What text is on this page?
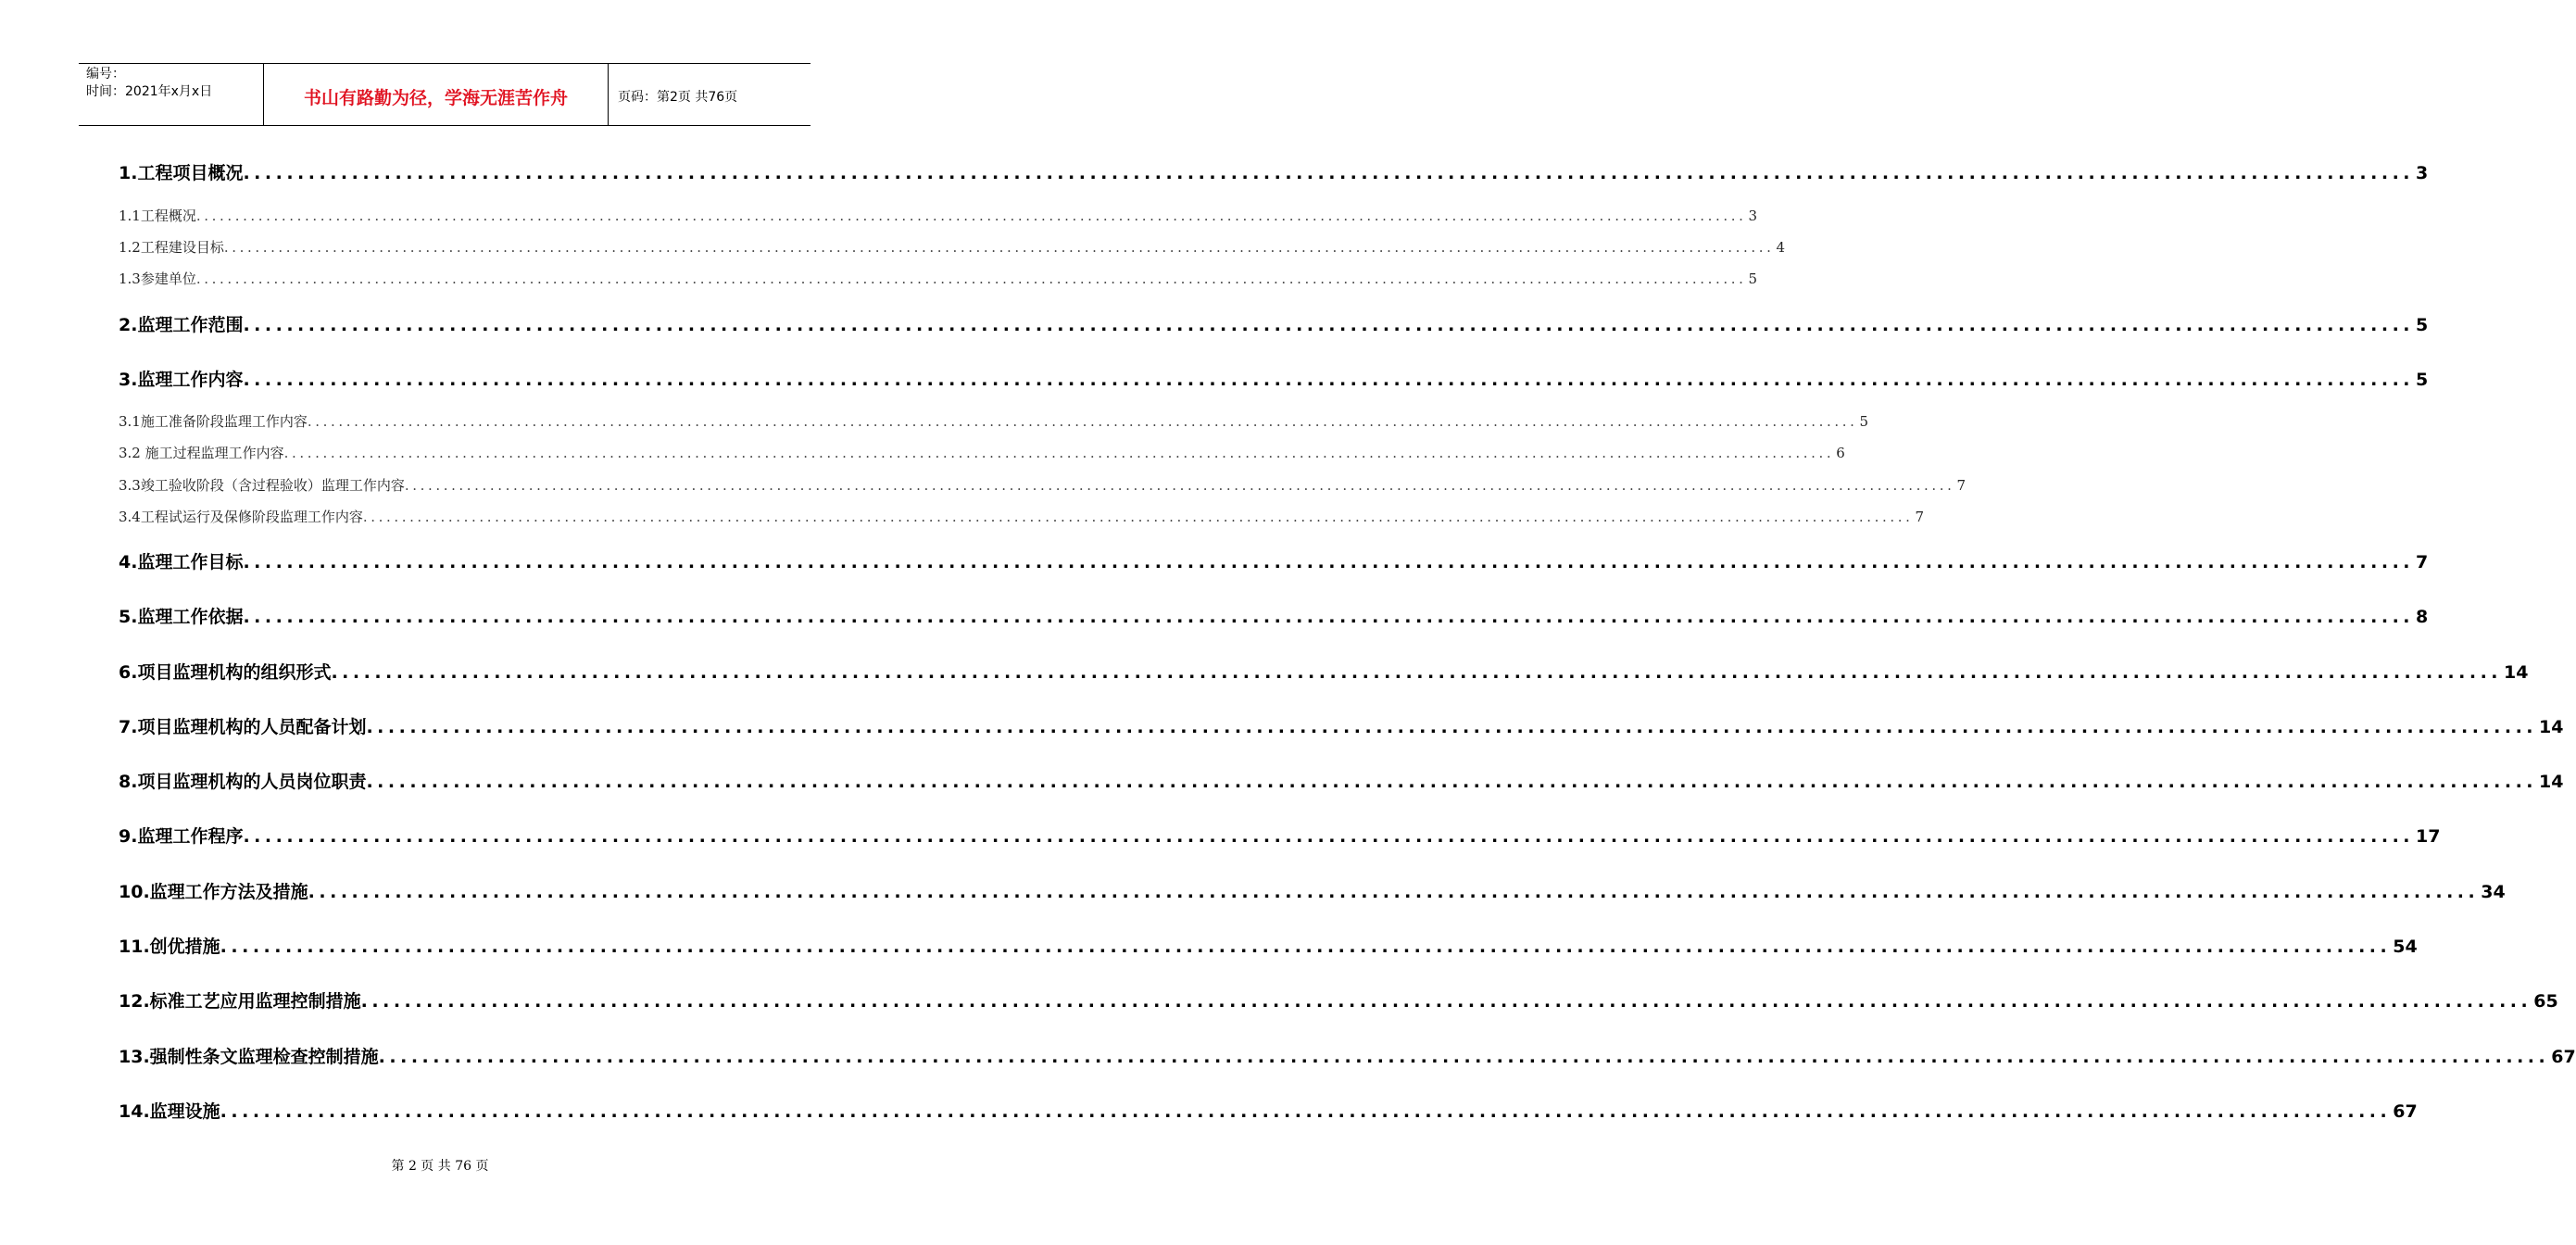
编号：
时间：2021年x月x日	书山有路勤为径，学海无涯苦作舟	页码：第2页 共76页
1.工程项目概况 ........................................................................................................................................................................................................ 3
1.1工程概况 ........................................................................................................................................................................................................ 3
1.2工程建设目标 ........................................................................................................................................................................................................ 4
1.3参建单位 ........................................................................................................................................................................................................ 5
2.监理工作范围 ........................................................................................................................................................................................................ 5
3.监理工作内容 ........................................................................................................................................................................................................ 5
3.1施工准备阶段监理工作内容 ........................................................................................................................................................................................................ 5
3.2 施工过程监理工作内容 ........................................................................................................................................................................................................ 6
3.3竣工验收阶段（含过程验收）监理工作内容 ........................................................................................................................................................................................................ 7
3.4工程试运行及保修阶段监理工作内容 ........................................................................................................................................................................................................ 7
4.监理工作目标 ........................................................................................................................................................................................................ 7
5.监理工作依据 ........................................................................................................................................................................................................ 8
6.项目监理机构的组织形式 ........................................................................................................................................................................................................ 14
7.项目监理机构的人员配备计划 ........................................................................................................................................................................................................ 14
8.项目监理机构的人员岗位职责 ........................................................................................................................................................................................................ 14
9.监理工作程序 ........................................................................................................................................................................................................ 17
10.监理工作方法及措施 ........................................................................................................................................................................................................ 34
11.创优措施 ........................................................................................................................................................................................................ 54
12.标准工艺应用监理控制措施 ........................................................................................................................................................................................................ 65
13.强制性条文监理检查控制措施 ........................................................................................................................................................................................................ 67
14.监理设施 ........................................................................................................................................................................................................ 67
第 2 页 共 76 页
